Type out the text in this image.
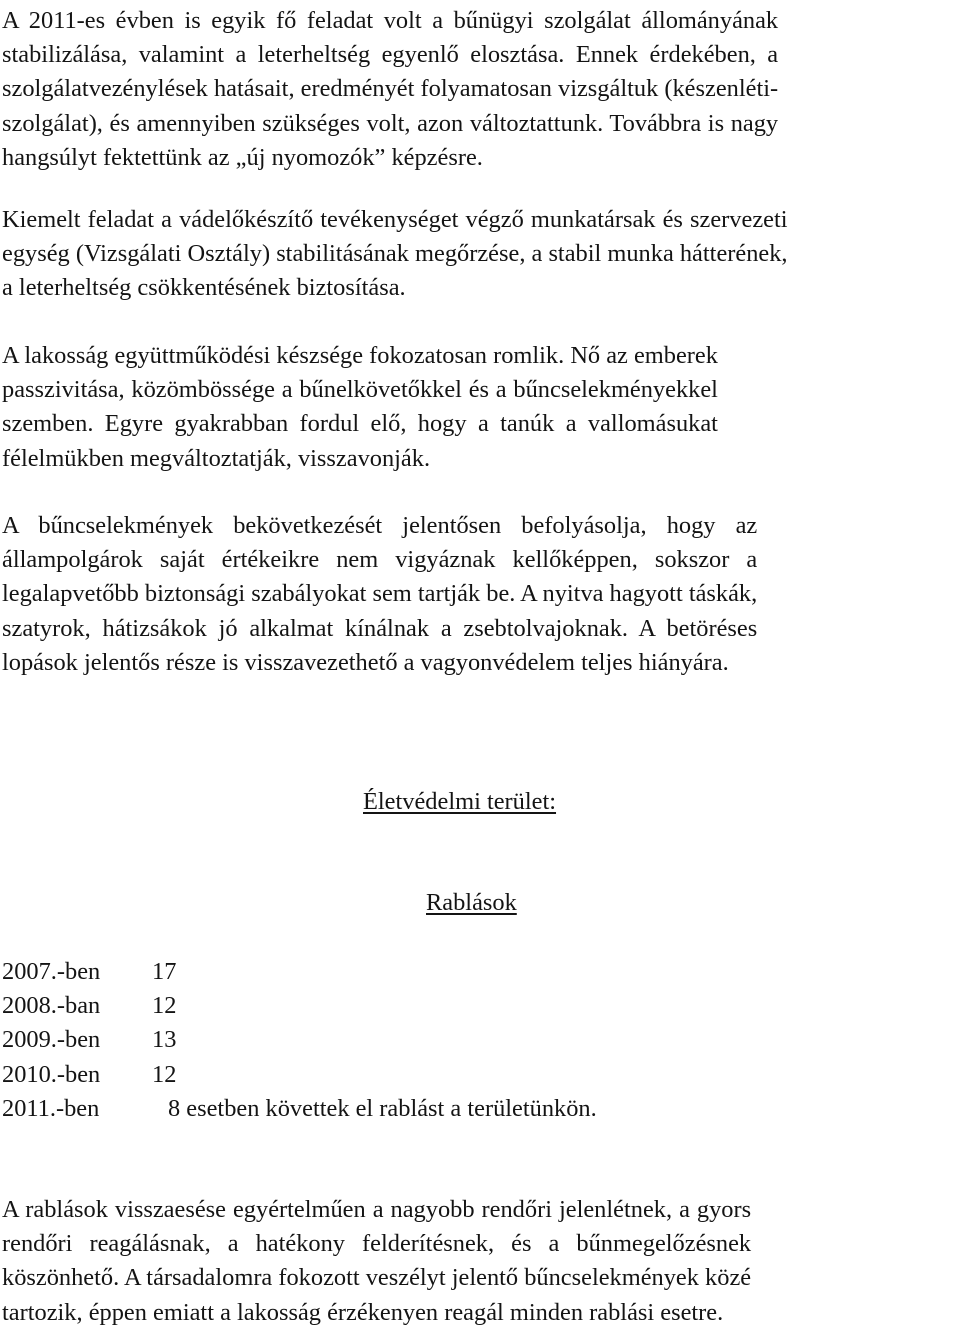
A 2011-es évben is egyik fő feladat volt a bűnügyi szolgálat állományának
stabilizálása, valamint a leterheltség egyenlő elosztása. Ennek érdekében, a
szolgálatvezénylések hatásait, eredményét folyamatosan vizsgáltuk (készenléti-
szolgálat), és amennyiben szükséges volt, azon változtattunk. Továbbra is nagy
hangsúlyt fektettünk az „új nyomozók” képzésre.

Kiemelt feladat a vádelőkészítő tevékenységet végző munkatársak és szervezeti
egység (Vizsgálati Osztály) stabilitásának megőrzése, a stabil munka hátterének,
a leterheltség csökkentésének biztosítása.

A lakosság együttműködési készsége fokozatosan romlik. Nő az emberek
passzivitása, közömbössége a bűnelkövetőkkel és a bűncselekményekkel
szemben. Egyre gyakrabban fordul elő, hogy a tanúk a vallomásukat
félelmükben megváltoztatják, visszavonják.

A bűncselekmények bekövetkezését jelentősen befolyásolja, hogy az
állampolgárok saját értékeikre nem vigyáznak kellőképpen, sokszor a
legalapvetőbb biztonsági szabályokat sem tartják be. A nyitva hagyott táskák,
szatyrok, hátizsákok jó alkalmat kínálnak a zsebtolvajoknak. A betöréses
lopások jelentős része is visszavezethető a vagyonvédelem teljes hiányára.

Életvédelmi terület:
Rablások
2007.-ben 17
2008.-ban 12
2009.-ben 13
2010.-ben 12
2011.-ben	8 esetben követtek el rablást a területünkön.

A rablások visszaesése egyértelműen a nagyobb rendőri jelenlétnek, a gyors
rendőri reagálásnak, a hatékony felderítésnek, és a bűnmegelőzésnek
köszönhető. A társadalomra fokozott veszélyt jelentő bűncselekmények közé
tartozik, éppen emiatt a lakosság érzékenyen reagál minden rablási esetre.
